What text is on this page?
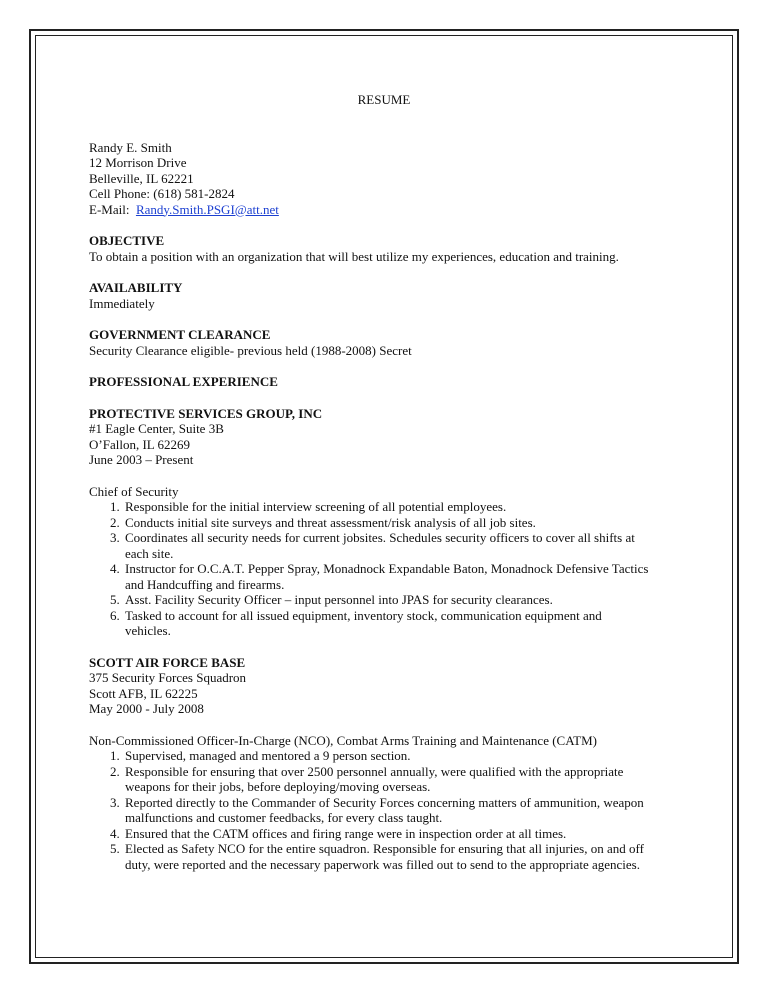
RESUME
Randy E. Smith
12 Morrison Drive
Belleville, IL 62221
Cell Phone: (618) 581-2824
E-Mail: Randy.Smith.PSGI@att.net
OBJECTIVE
To obtain a position with an organization that will best utilize my experiences, education and training.
AVAILABILITY
Immediately
GOVERNMENT CLEARANCE
Security Clearance eligible- previous held (1988-2008) Secret
PROFESSIONAL EXPERIENCE
PROTECTIVE SERVICES GROUP, INC
#1 Eagle Center, Suite 3B
O’Fallon, IL 62269
June 2003 – Present
Chief of Security
1. Responsible for the initial interview screening of all potential employees.
2. Conducts initial site surveys and threat assessment/risk analysis of all job sites.
3. Coordinates all security needs for current jobsites. Schedules security officers to cover all shifts at
each site.
4. Instructor for O.C.A.T. Pepper Spray, Monadnock Expandable Baton, Monadnock Defensive Tactics
and Handcuffing and firearms.
5. Asst. Facility Security Officer – input personnel into JPAS for security clearances.
6. Tasked to account for all issued equipment, inventory stock, communication equipment and
vehicles.
SCOTT AIR FORCE BASE
375 Security Forces Squadron
Scott AFB, IL 62225
May 2000 - July 2008
Non-Commissioned Officer-In-Charge (NCO), Combat Arms Training and Maintenance (CATM)
1. Supervised, managed and mentored a 9 person section.
2. Responsible for ensuring that over 2500 personnel annually, were qualified with the appropriate
weapons for their jobs, before deploying/moving overseas.
3. Reported directly to the Commander of Security Forces concerning matters of ammunition, weapon
malfunctions and customer feedbacks, for every class taught.
4. Ensured that the CATM offices and firing range were in inspection order at all times.
5. Elected as Safety NCO for the entire squadron. Responsible for ensuring that all injuries, on and off
duty, were reported and the necessary paperwork was filled out to send to the appropriate agencies.
